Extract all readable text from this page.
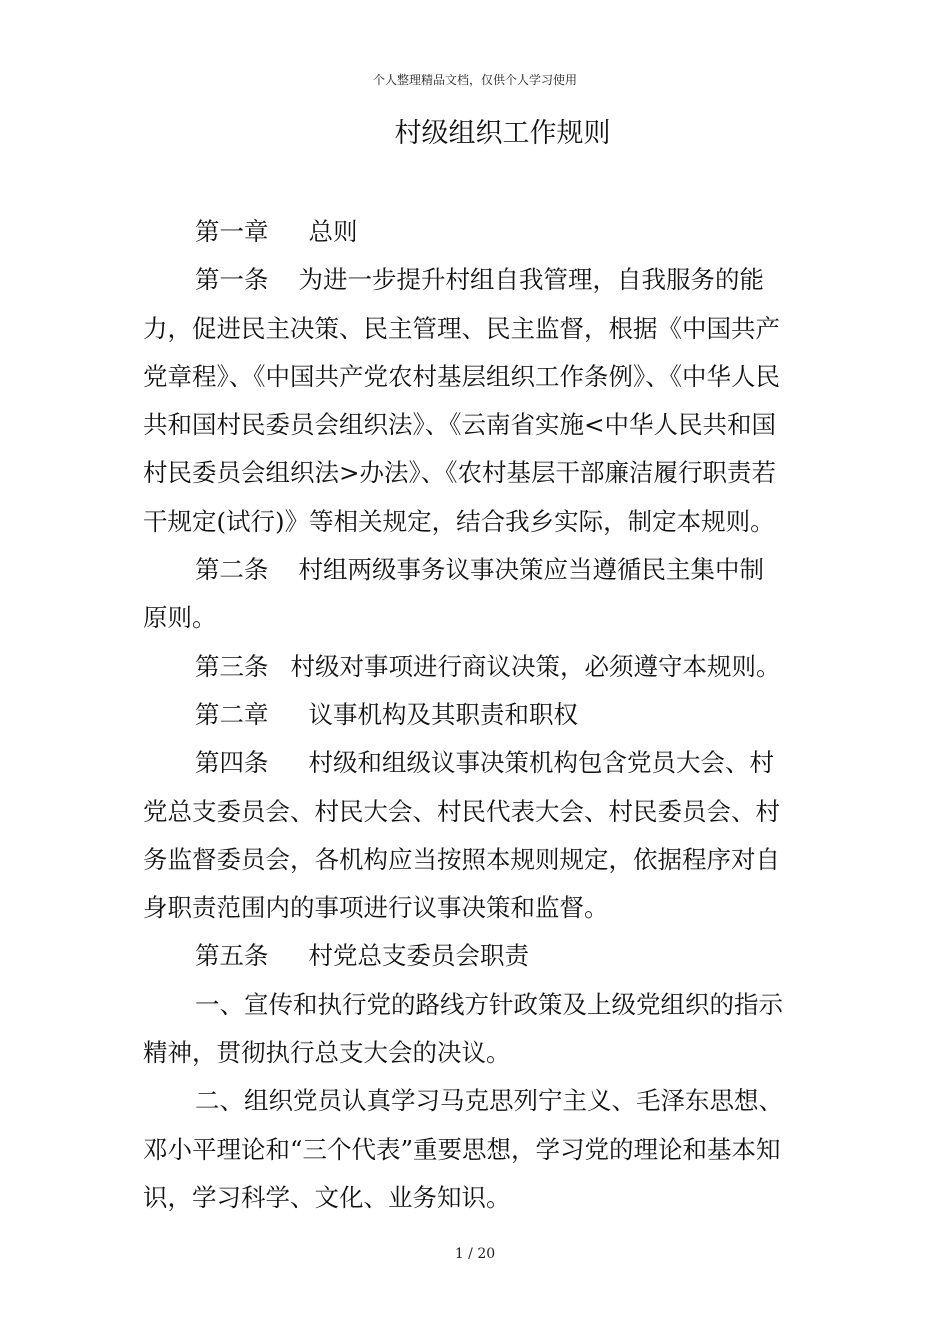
个人整理精品文档，仅供个人学习使用
村级组织工作规则
第一章 总则
第一条 为进一步提升村组自我管理，自我服务的能
力，促进民主决策、民主管理、民主监督，根据《中国共产
党章程》、《中国共产党农村基层组织工作条例》、《中华人民
共和国村民委员会组织法》、《云南省实施<中华人民共和国
村民委员会组织法>办法》、《农村基层干部廉洁履行职责若
干规定(试行)》等相关规定，结合我乡实际，制定本规则。
第二条 村组两级事务议事决策应当遵循民主集中制
原则。
第三条 村级对事项进行商议决策，必须遵守本规则。
第二章 议事机构及其职责和职权
第四条 村级和组级议事决策机构包含党员大会、村
党总支委员会、村民大会、村民代表大会、村民委员会、村
务监督委员会，各机构应当按照本规则规定，依据程序对自
身职责范围内的事项进行议事决策和监督。
第五条 村党总支委员会职责
一、宣传和执行党的路线方针政策及上级党组织的指示
精神，贯彻执行总支大会的决议。
二、组织党员认真学习马克思列宁主义、毛泽东思想、
邓小平理论和“三个代表”重要思想，学习党的理论和基本知
识，学习科学、文化、业务知识。
1 / 20
